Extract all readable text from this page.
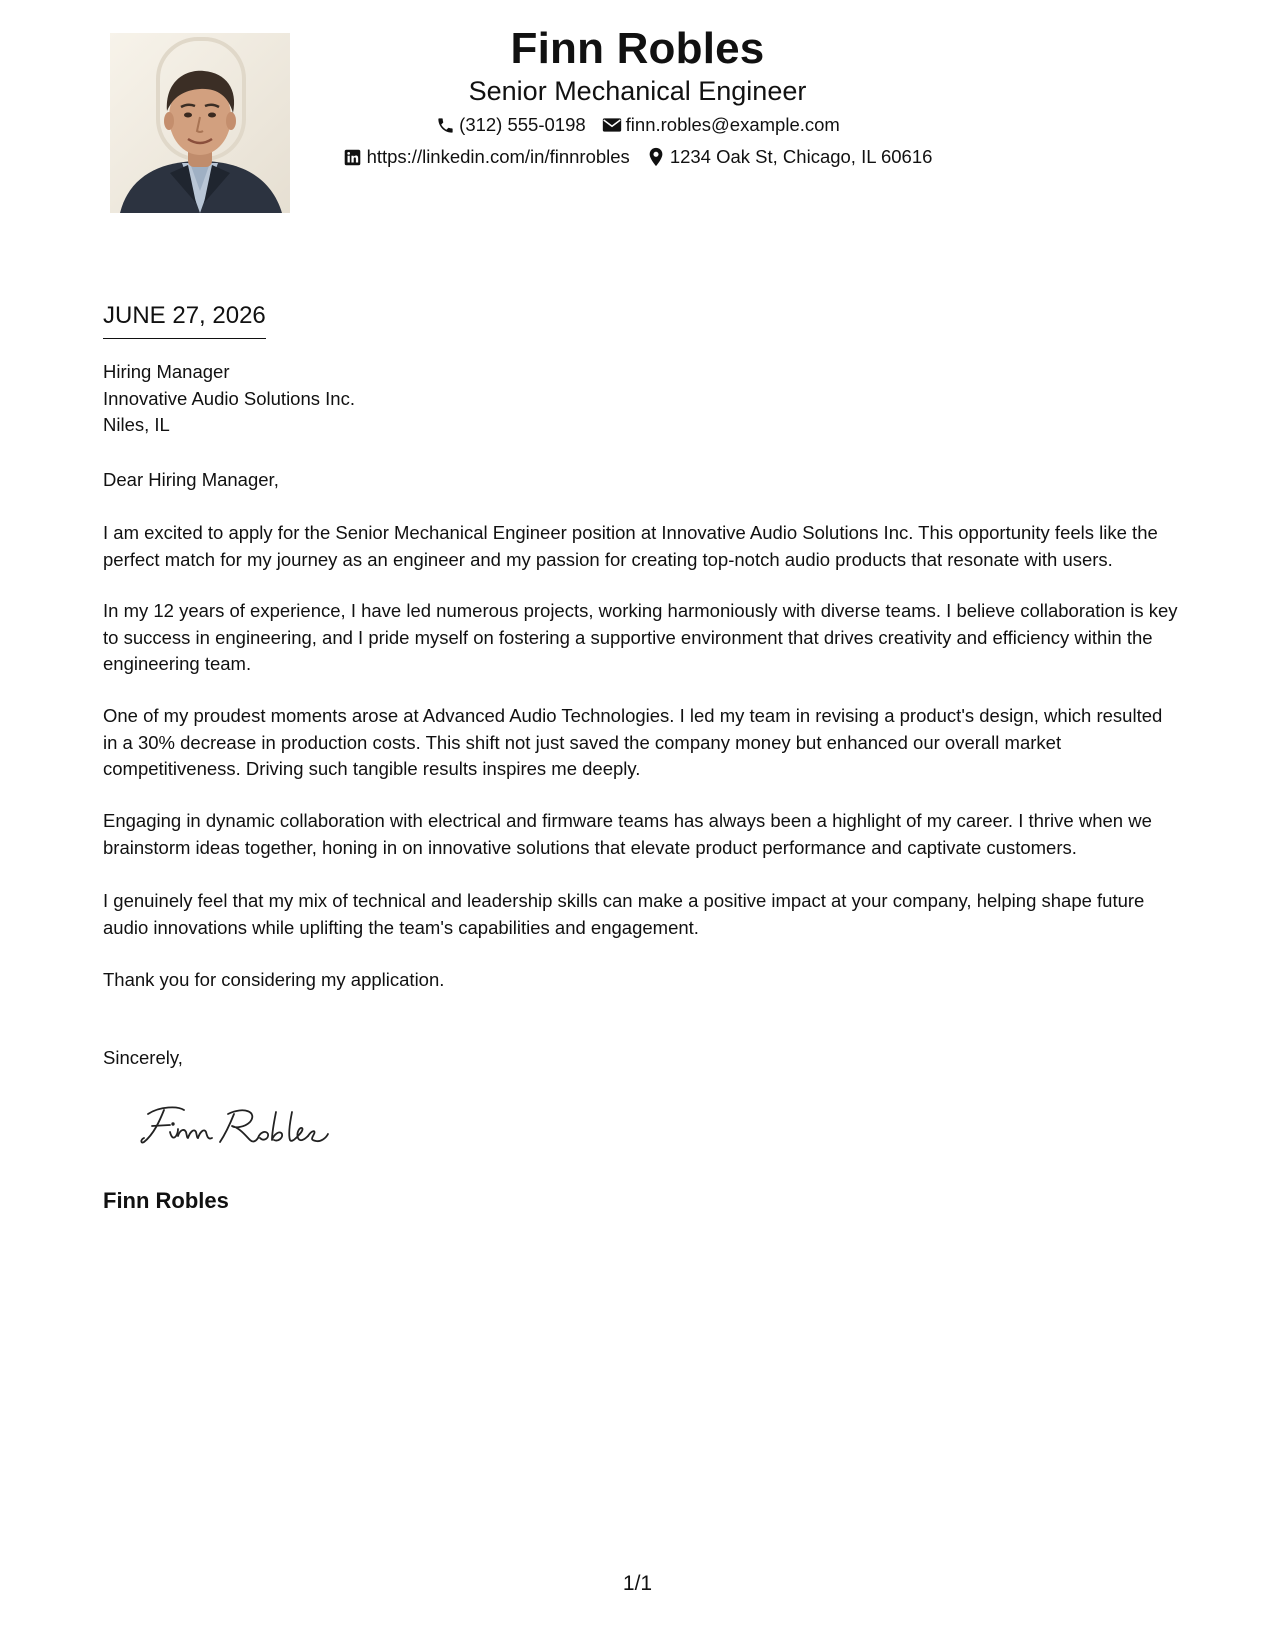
Finn Robles
Senior Mechanical Engineer
(312) 555-0198 finn.robles@example.com
https://linkedin.com/in/finnrobles 1234 Oak St, Chicago, IL 60616
JUNE 27, 2026
Hiring Manager
Innovative Audio Solutions Inc.
Niles, IL

Dear Hiring Manager,

I am excited to apply for the Senior Mechanical Engineer position at Innovative Audio Solutions Inc. This opportunity feels like the perfect match for my journey as an engineer and my passion for creating top-notch audio products that resonate with users.

In my 12 years of experience, I have led numerous projects, working harmoniously with diverse teams. I believe collaboration is key to success in engineering, and I pride myself on fostering a supportive environment that drives creativity and efficiency within the engineering team.

One of my proudest moments arose at Advanced Audio Technologies. I led my team in revising a product's design, which resulted in a 30% decrease in production costs. This shift not just saved the company money but enhanced our overall market competitiveness. Driving such tangible results inspires me deeply.

Engaging in dynamic collaboration with electrical and firmware teams has always been a highlight of my career. I thrive when we brainstorm ideas together, honing in on innovative solutions that elevate product performance and captivate customers.

I genuinely feel that my mix of technical and leadership skills can make a positive impact at your company, helping shape future audio innovations while uplifting the team's capabilities and engagement.

Thank you for considering my application.

Sincerely,

Finn Robles
1/1
